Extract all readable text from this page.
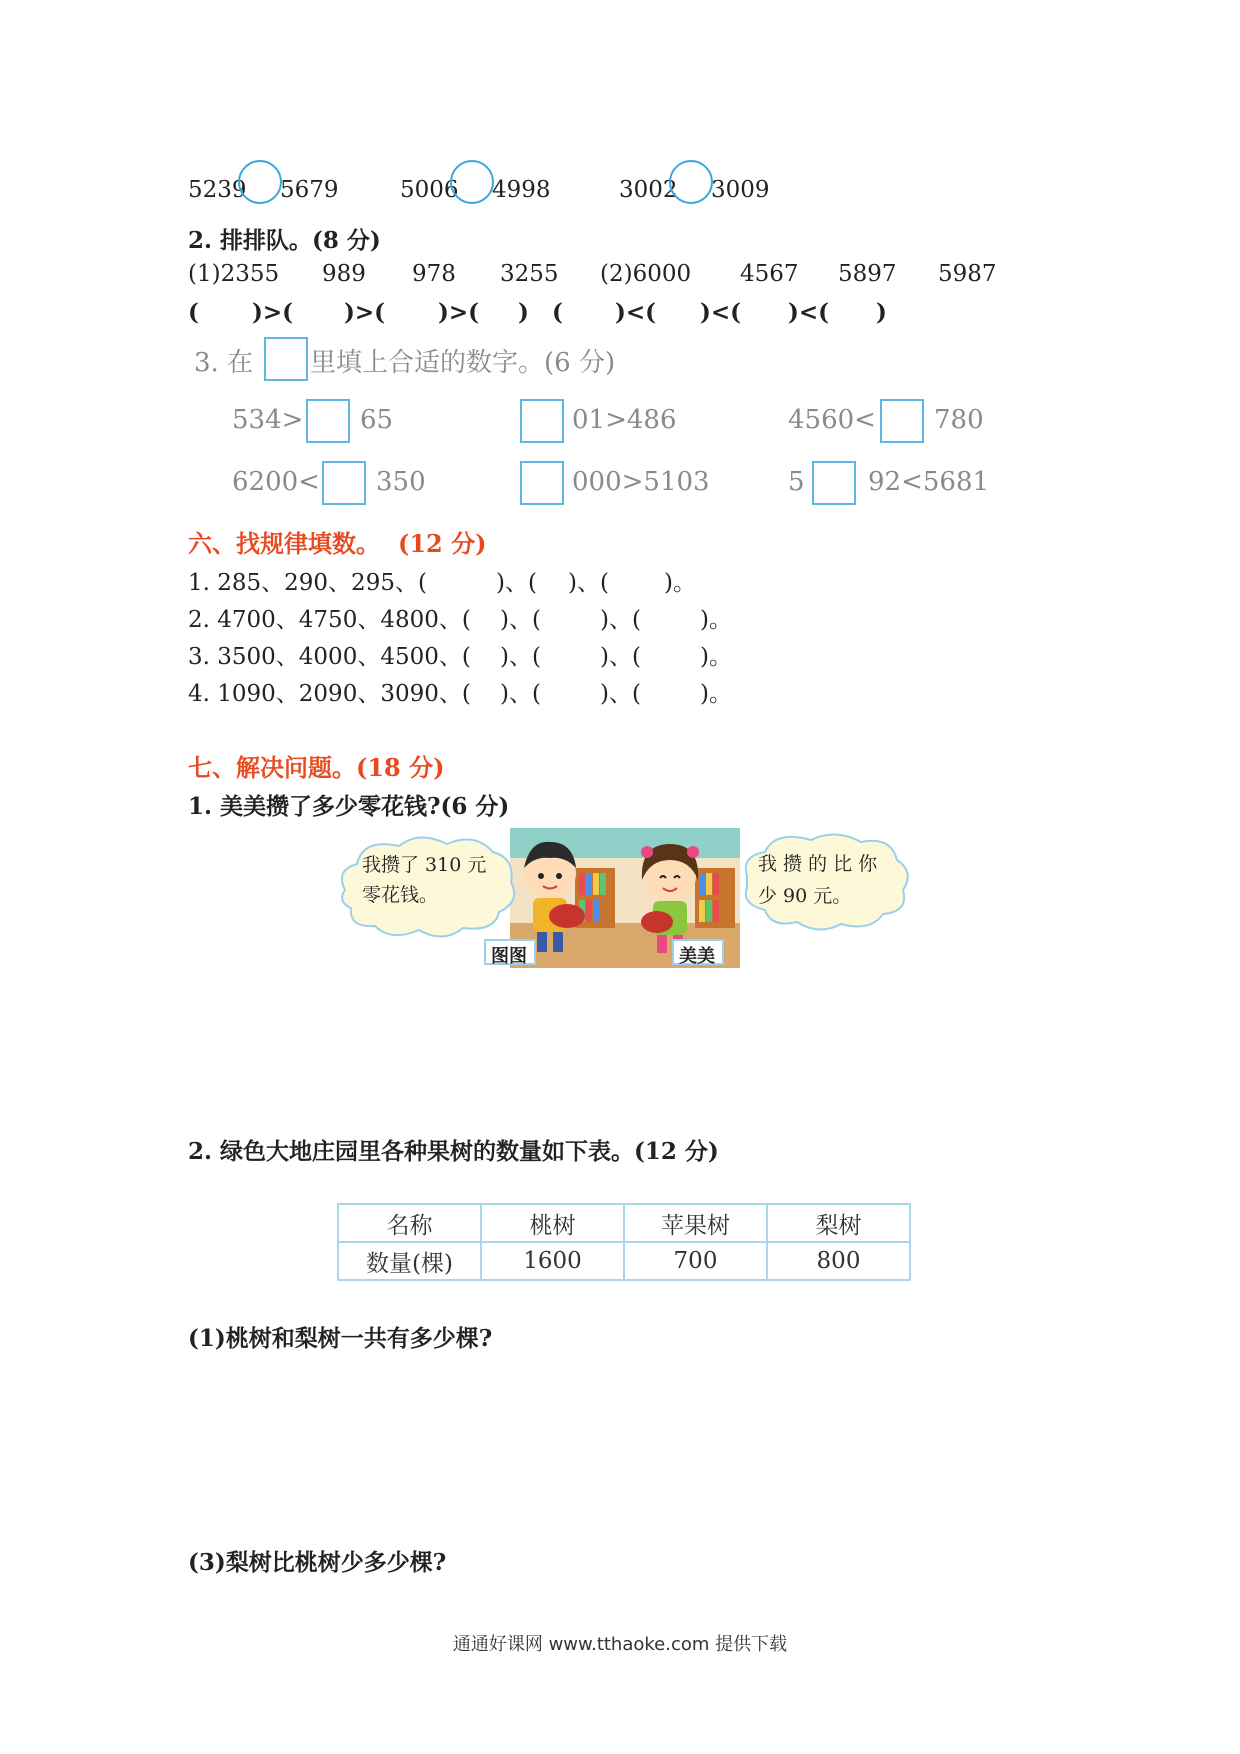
5239 5679	5006 4998	3002 3009
2. 排排队。(8 分)
(1)2355 989 978 3255 (2)6000 4567 5897 5987
( )>( )>( )>( ) ( )<( )<( )<( )
3. 在 里填上合适的数字。(6 分)
534> 65	01>486	4560< 780
6200< 350	000>5103	5 92<5681
六、找规律填数。 (12 分)
1. 285、290、295、(	)、( )、( )。
2. 4700、4750、4800、( )、(	)、(	)。
3. 3500、4000、4500、( )、(	)、(	)。
4. 1090、2090、3090、( )、(	)、(	)。
七、解决问题。(18 分)
1. 美美攒了多少零花钱?(6 分)
我攒了 310 元
零花钱。
我 攒 的 比 你
少 90 元。
图图	美美
2. 绿色大地庄园里各种果树的数量如下表。(12 分)
名称	桃树	苹果树	梨树
数量(棵)	1600	700	800
(1)桃树和梨树一共有多少棵?
(3)梨树比桃树少多少棵?
通通好课网 www.tthaoke.com 提供下载
